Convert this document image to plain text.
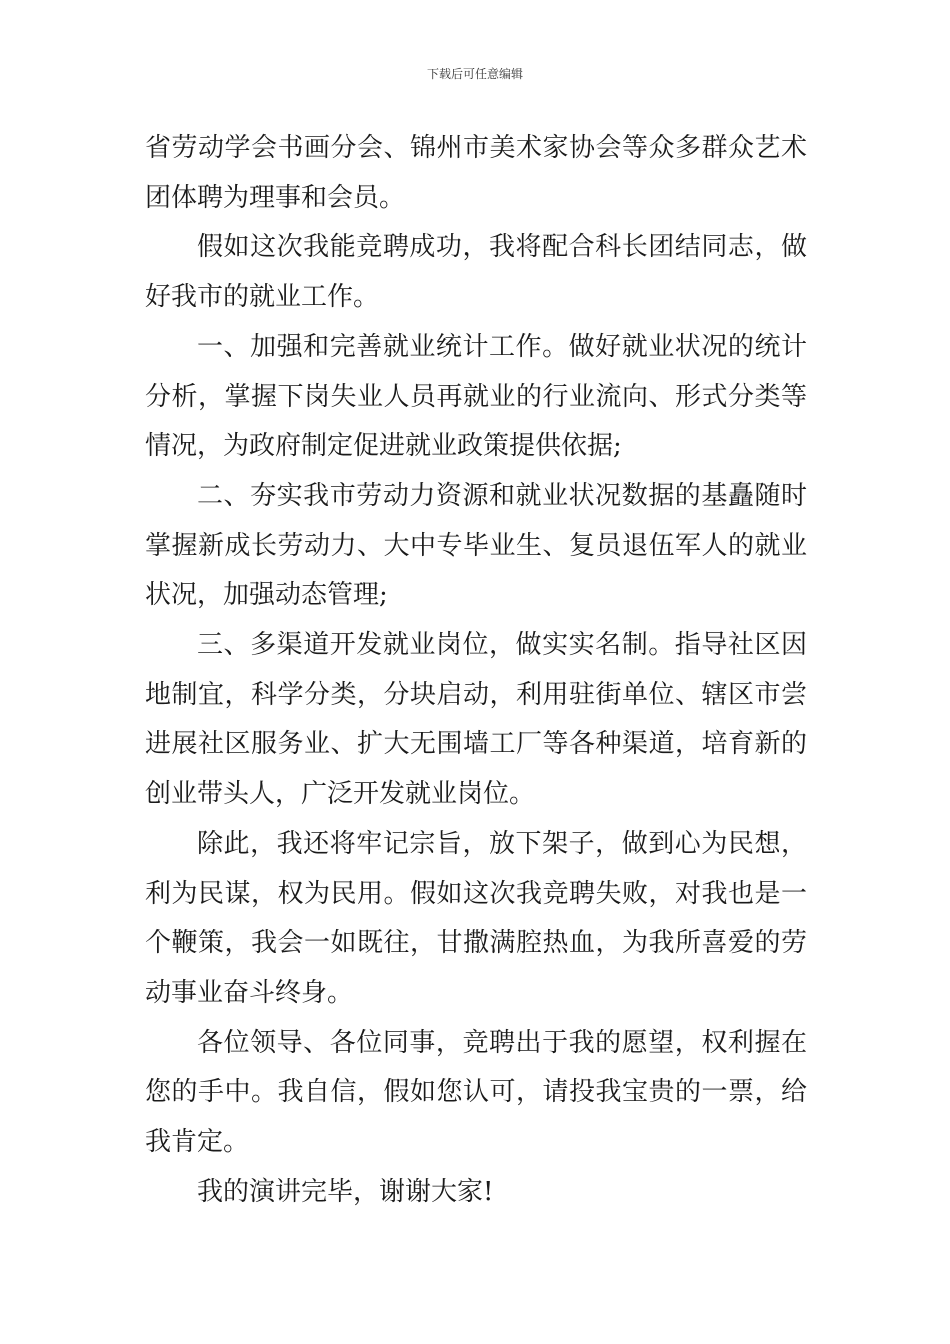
下载后可任意编辑

省劳动学会书画分会、锦州市美术家协会等众多群众艺术团体聘为理事和会员。

假如这次我能竞聘成功，我将配合科长团结同志，做好我市的就业工作。

一、加强和完善就业统计工作。做好就业状况的统计分析，掌握下岗失业人员再就业的行业流向、形式分类等情况，为政府制定促进就业政策提供依据;

二、夯实我市劳动力资源和就业状况数据的基矗随时掌握新成长劳动力、大中专毕业生、复员退伍军人的就业状况，加强动态管理;

三、多渠道开发就业岗位，做实实名制。指导社区因地制宜，科学分类，分块启动，利用驻街单位、辖区市尝进展社区服务业、扩大无围墙工厂等各种渠道，培育新的创业带头人，广泛开发就业岗位。

除此，我还将牢记宗旨，放下架子，做到心为民想，利为民谋，权为民用。假如这次我竞聘失败，对我也是一个鞭策，我会一如既往，甘撒满腔热血，为我所喜爱的劳动事业奋斗终身。

各位领导、各位同事，竞聘出于我的愿望，权利握在您的手中。我自信，假如您认可，请投我宝贵的一票，给我肯定。

我的演讲完毕，谢谢大家!
